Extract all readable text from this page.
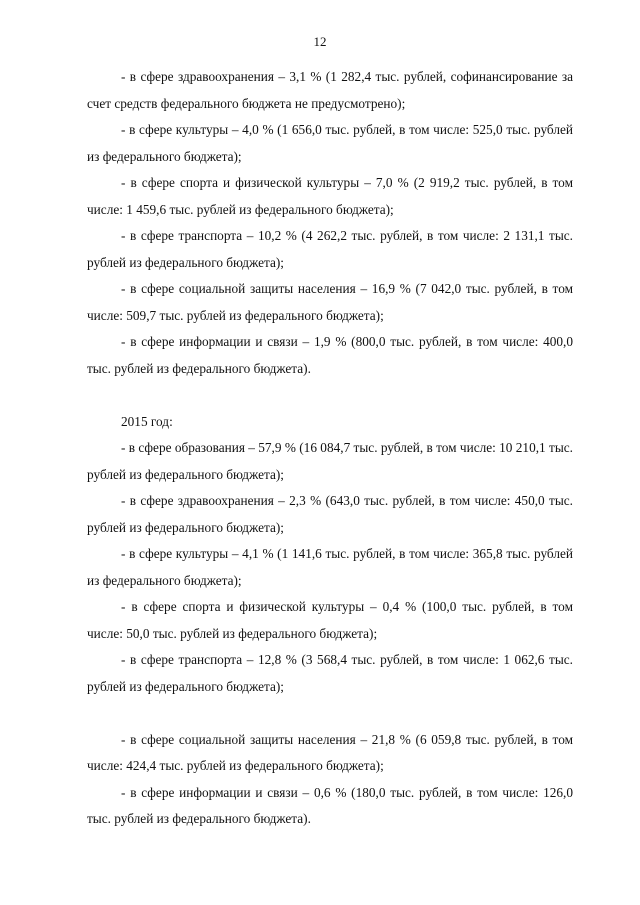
12

- в сфере здравоохранения – 3,1 % (1 282,4 тыс. рублей, софинансирование за счет средств федерального бюджета не предусмотрено);

- в сфере культуры – 4,0 % (1 656,0 тыс. рублей, в том числе: 525,0 тыс. рублей из федерального бюджета);

- в сфере спорта и физической культуры – 7,0 % (2 919,2 тыс. рублей, в том числе: 1 459,6 тыс. рублей из федерального бюджета);

- в сфере транспорта – 10,2 % (4 262,2 тыс. рублей, в том числе: 2 131,1 тыс. рублей из федерального бюджета);

- в сфере социальной защиты населения – 16,9 % (7 042,0 тыс. рублей, в том числе: 509,7 тыс. рублей из федерального бюджета);

- в сфере информации и связи – 1,9 % (800,0 тыс. рублей, в том числе: 400,0 тыс. рублей из федерального бюджета).

2015 год:

- в сфере образования – 57,9 % (16 084,7 тыс. рублей, в том числе: 10 210,1 тыс. рублей из федерального бюджета);

- в сфере здравоохранения – 2,3 % (643,0 тыс. рублей, в том числе: 450,0 тыс. рублей из федерального бюджета);

- в сфере культуры – 4,1 % (1 141,6 тыс. рублей, в том числе: 365,8 тыс. рублей из федерального бюджета);

- в сфере спорта и физической культуры – 0,4 % (100,0 тыс. рублей, в том числе: 50,0 тыс. рублей из федерального бюджета);

- в сфере транспорта – 12,8 % (3 568,4 тыс. рублей, в том числе: 1 062,6 тыс. рублей из федерального бюджета);

- в сфере социальной защиты населения – 21,8 % (6 059,8 тыс. рублей, в том числе: 424,4 тыс. рублей из федерального бюджета);

- в сфере информации и связи – 0,6 % (180,0 тыс. рублей, в том числе: 126,0 тыс. рублей из федерального бюджета).
